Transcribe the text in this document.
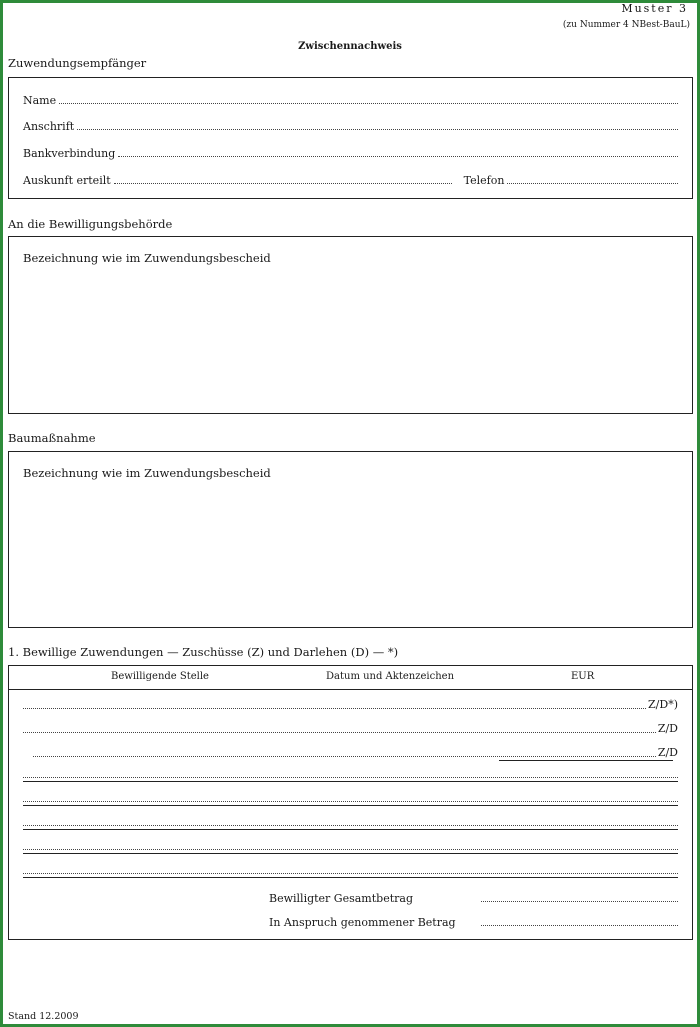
Muster 3
(zu Nummer 4 NBest-BauL)
Zwischennachweis
Zuwendungsempfänger
Name
Anschrift
Bankverbindung
Auskunft erteilt	Telefon
An die Bewilligungsbehörde
Bezeichnung wie im Zuwendungsbescheid
Baumaßnahme
Bezeichnung wie im Zuwendungsbescheid
1. Bewillige Zuwendungen — Zuschüsse (Z) und Darlehen (D) — *)
Bewilligende Stelle	Datum und Aktenzeichen	EUR
Z/D*)
Z/D
Z/D
Bewilligter Gesamtbetrag
In Anspruch genommener Betrag
Stand 12.2009
